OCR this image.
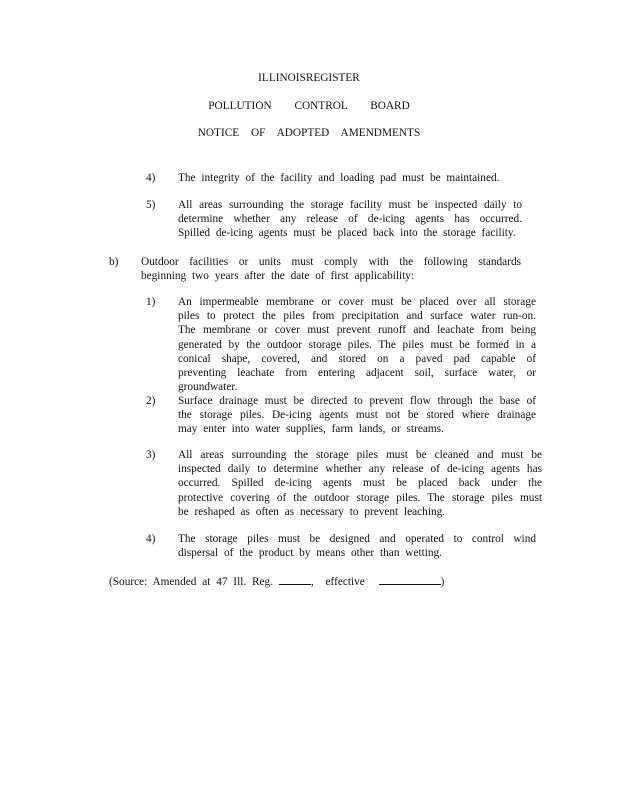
ILLINOISREGISTER
POLLUTION CONTROL BOARD
NOTICE OF ADOPTED AMENDMENTS
4) The integrity of the facility and loading pad must be maintained.
5) All areas surrounding the storage facility must be inspected daily to determine whether any release of de-icing agents has occurred. Spilled de-icing agents must be placed back into the storage facility.
b) Outdoor facilities or units must comply with the following standards beginning two years after the date of first applicability:
1) An impermeable membrane or cover must be placed over all storage piles to protect the piles from precipitation and surface water run-on. The membrane or cover must prevent runoff and leachate from being generated by the outdoor storage piles. The piles must be formed in a conical shape, covered, and stored on a paved pad capable of preventing leachate from entering adjacent soil, surface water, or groundwater.
2) Surface drainage must be directed to prevent flow through the base of the storage piles. De-icing agents must not be stored where drainage may enter into water supplies, farm lands, or streams.
3) All areas surrounding the storage piles must be cleaned and must be inspected daily to determine whether any release of de-icing agents has occurred. Spilled de-icing agents must be placed back under the protective covering of the outdoor storage piles. The storage piles must be reshaped as often as necessary to prevent leaching.
4) The storage piles must be designed and operated to control wind dispersal of the product by means other than wetting.
(Source: Amended at 47 Ill. Reg.	, effective	)
